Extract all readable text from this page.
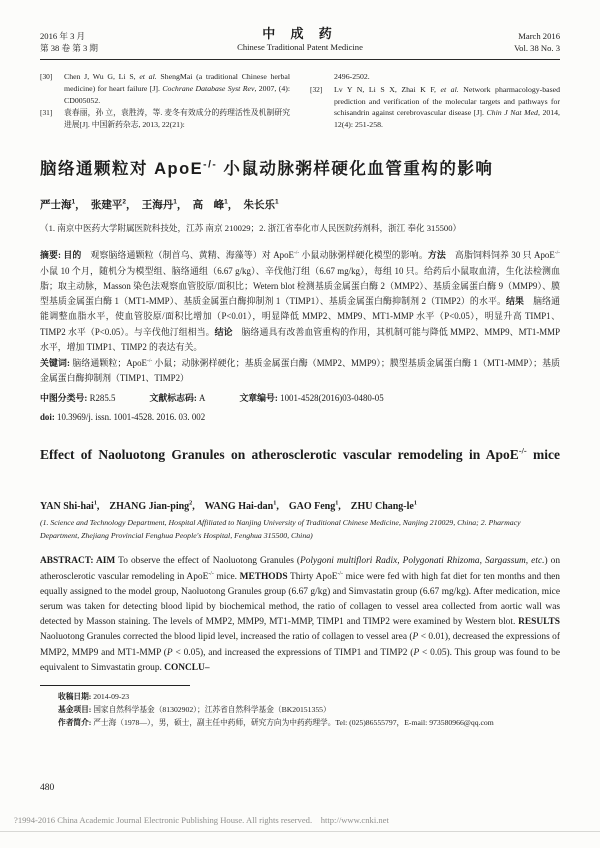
2016 年 3 月
第 38 卷 第 3 期
中 成 药
Chinese Traditional Patent Medicine
March 2016
Vol. 38 No. 3
[30]	Chen J, Wu G, Li S, et al. ShengMai (a traditional Chinese herbal medicine) for heart failure [J]. Cochrane Database Syst Rev, 2007, (4): CD005052.
[31]	袁春丽，孙 立，袁胜涛，等. 麦冬有效成分的药理活性及机制研究进展[J]. 中国新药杂志, 2013, 22(21):
2496-2502.
[32]	Lv Y N, Li S X, Zhai K F, et al. Network pharmacology-based prediction and verification of the molecular targets and pathways for schisandrin against cerebrovascular disease [J]. Chin J Nat Med, 2014, 12(4): 251-258.
脑络通颗粒对 ApoE-/- 小鼠动脉粥样硬化血管重构的影响
严士海$^1$，　张建平$^2$，　王海丹$^1$，　高　峰$^1$，　朱长乐$^1$
（1. 南京中医药大学附属医院科技处，江苏 南京 210029；2. 浙江省奉化市人民医院药剂科，浙江 奉化 315500）
摘要: 目的　观察脑络通颗粒（制首乌、黄精、海藻等）对 ApoE-/- 小鼠动脉粥样硬化模型的影响。方法　高脂饲料饲养 30 只 ApoE-/- 小鼠 10 个月，随机分为模型组、脑络通组（6.67 g/kg）、辛伐他汀组（6.67 mg/kg），每组 10 只。给药后小鼠取血清，生化法检测血脂；取主动脉，Masson 染色法观察血管胶原/面积比；Wetern blot 检测基质金属蛋白酶 2（MMP2）、基质金属蛋白酶 9（MMP9）、膜型基质金属蛋白酶 1（MT1-MMP）、基质金属蛋白酶抑制剂 1（TIMP1）、基质金属蛋白酶抑制剂 2（TIMP2）的水平。结果　脑络通能调整血脂水平，使血管胶原/面积比增加（P<0.01），明显降低 MMP2、MMP9、MT1-MMP 水平（P<0.05），明显升高 TIMP1、TIMP2 水平（P<0.05）。与辛伐他汀组相当。结论　脑络通具有改善血管重构的作用，其机制可能与降低 MMP2、MMP9、MT1-MMP 水平，增加 TIMP1、TIMP2 的表达有关。
关键词: 脑络通颗粒；ApoE-/- 小鼠；动脉粥样硬化；基质金属蛋白酶（MMP2、MMP9）；膜型基质金属蛋白酶 1（MT1-MMP）；基质金属蛋白酶抑制剂（TIMP1、TIMP2）
中图分类号: R285.5	文献标志码: A	文章编号: 1001-4528(2016)03-0480-05
doi: 10.3969/j. issn. 1001-4528. 2016. 03. 002
Effect of Naoluotong Granules on atherosclerotic vascular remodeling in ApoE-/- mice
YAN Shi-hai$^1$,    ZHANG Jian-ping$^2$,    WANG Hai-dan$^1$,    GAO Feng$^1$,    ZHU Chang-$le^1$
(1. Science and Technology Department, Hospital Affiliated to Nanjing University of Traditional Chinese Medicine, Nanjing 210029, China; 2. Pharmacy Department, Zhejiang Provincial Fenghua People's Hospital, Fenghua 315500, China)
ABSTRACT: AIM To observe the effect of Naoluotong Granules (Polygoni multiflori Radix, Polygonati Rhizoma, Sargassum, etc.) on atherosclerotic vascular remodeling in ApoE-/- mice. METHODS Thirty ApoE-/- mice were fed with high fat diet for ten months and then equally assigned to the model group, Naoluotong Granules group (6.67 g/kg) and Simvastatin group (6.67 mg/kg). After medication, mice serum was taken for detecting blood lipid by biochemical method, the ratio of collagen to vessel area collected from aortic wall was detected by Masson staining. The levels of MMP2, MMP9, MT1-MMP, TIMP1 and TIMP2 were examined by Western blot. RESULTS Naoluotong Granules corrected the blood lipid level, increased the ratio of collagen to vessel area (P < 0.01), decreased the expressions of MMP2, MMP9 and MT1-MMP (P < 0.05), and increased the expressions of TIMP1 and TIMP2 (P < 0.05). This group was found to be equivalent to Simvastatin group. CONCLU–
收稿日期: 2014-09-23
基金项目: 国家自然科学基金（81302902）；江苏省自然科学基金（BK20151355）
作者简介: 严士海（1978—），男，硕士，副主任中药师，研究方向为中药药理学。Tel: (025)86555797，E-mail: 973580966@qq.com
480
?1994-2016 China Academic Journal Electronic Publishing House. All rights reserved.    http://www.cnki.net
